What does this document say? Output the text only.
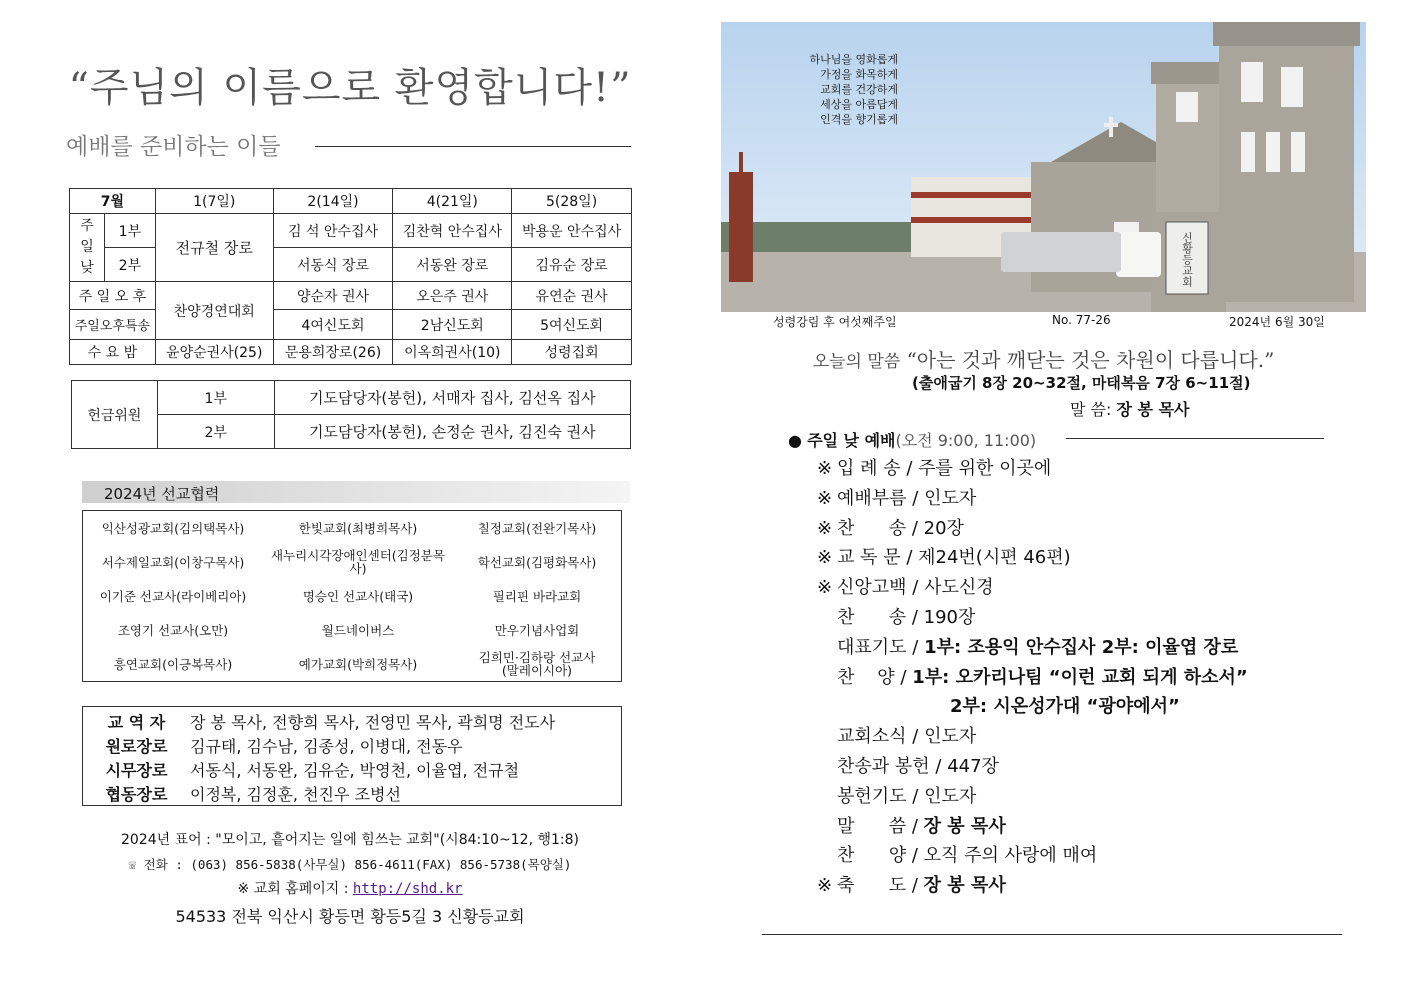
“주님의 이름으로 환영합니다!”
예배를 준비하는 이들
7월		1(7일)	2(14일)	4(21일)	5(28일)
주
일
낮	1부	전규철 장로	김 석 안수집사	김찬혁 안수집사	박용운 안수집사
	2부		서동식 장로	서동완 장로	김유순 장로
주 일 오 후		찬양경연대회	양순자 권사	오은주 권사	유연순 권사
주일오후특송			4여신도회	2남신도회	5여신도회
수 요 밤		윤양순권사(25)	문용희장로(26)	이옥희권사(10)	성령집회
헌금위원	1부	기도담당자(봉헌), 서매자 집사, 김선옥 집사
	2부	기도담당자(봉헌), 손정순 권사, 김진숙 권사
2024년 선교협력
익산성광교회(김의택목사)	한빛교회(최병희목사)	칠정교회(전완기목사)
서수제일교회(이창구목사)	새누리시각장애인센터(김정분목사)	학선교회(김평화목사)
이기준 선교사(라이베리아)	명승인 선교사(태국)	필리핀 바라교회
조영기 선교사(오만)	월드네이버스	만우기념사업회
흥연교회(이긍복목사)	예가교회(박희정목사)	김희민·김하랑 선교사
(말레이시아)
교 역 자 장 봉 목사, 전향희 목사, 전영민 목사, 곽희명 전도사
원로장로 김규태, 김수남, 김종성, 이병대, 전동우
시무장로 서동식, 서동완, 김유순, 박영천, 이율엽, 전규철
협동장로 이정복, 김정훈, 천진우 조병선
2024년 표어 : "모이고, 흩어지는 일에 힘쓰는 교회"(시84:10~12, 행1:8)
☏ 전화 : (063) 856-5838(사무실) 856-4611(FAX) 856-5738(목양실)
※ 교회 홈페이지 : http://shd.kr
54533 전북 익산시 황등면 황등5길 3 신황등교회
신황등교회
하나님을 영화롭게
가정을 화목하게
교회를 건강하게
세상을 아름답게
인격을 향기롭게
성령강림 후 여섯째주일	No. 77-26	2024년 6월 30일
오늘의 말씀 “아는 것과 깨닫는 것은 차원이 다릅니다.”
(출애굽기 8장 20~32절, 마태복음 7장 6~11절)
말 씀: 장 봉 목사
● 주일 낮 예배(오전 9:00, 11:00)
※ 입 례 송 / 주를 위한 이곳에
※ 예배부름 / 인도자
※ 찬      송 / 20장
※ 교 독 문 / 제24번(시편 46편)
※ 신앙고백 / 사도신경
찬      송 / 190장
대표기도 / 1부: 조용익 안수집사 2부: 이율엽 장로
찬    양 / 1부: 오카리나팀 “이런 교회 되게 하소서”
2부: 시온성가대 “광야에서”
교회소식 / 인도자
찬송과 봉헌 / 447장
봉헌기도 / 인도자
말      씀 / 장 봉 목사
찬      양 / 오직 주의 사랑에 매여
※ 축      도 / 장 봉 목사
